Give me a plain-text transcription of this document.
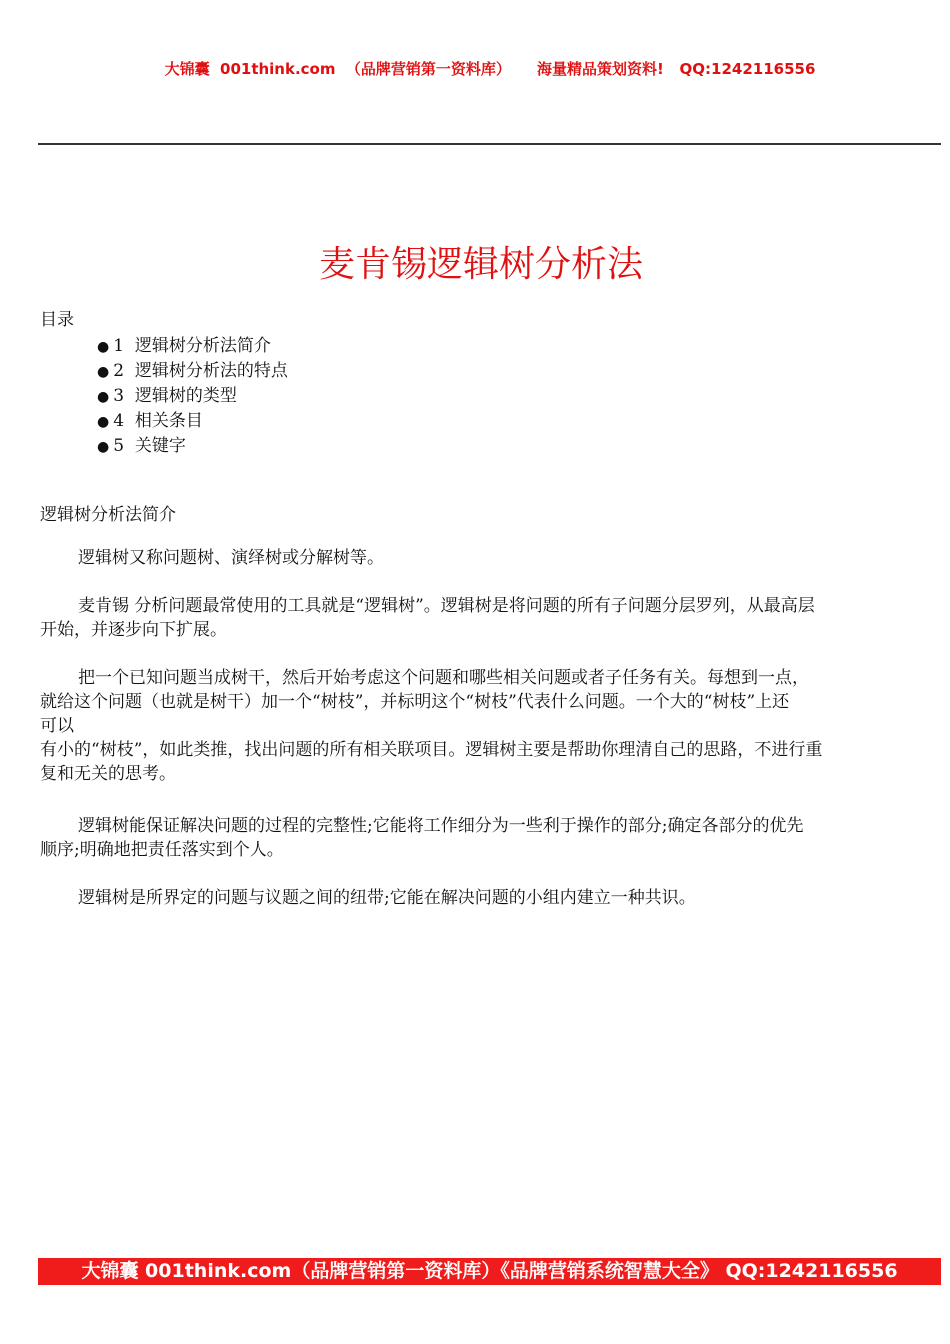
大锦囊  001think.com  （品牌营销第一资料库）     海量精品策划资料!   QQ:1242116556
麦肯锡逻辑树分析法
目录
● 1 逻辑树分析法简介
● 2 逻辑树分析法的特点
● 3 逻辑树的类型
● 4 相关条目
● 5 关键字
逻辑树分析法简介
逻辑树又称问题树、演绎树或分解树等。
麦肯锡 分析问题最常使用的工具就是“逻辑树”。逻辑树是将问题的所有子问题分层罗列，从最高层
开始，并逐步向下扩展。
把一个已知问题当成树干，然后开始考虑这个问题和哪些相关问题或者子任务有关。每想到一点，
就给这个问题（也就是树干）加一个“树枝”，并标明这个“树枝”代表什么问题。一个大的“树枝”上还
可以
有小的“树枝”，如此类推，找出问题的所有相关联项目。逻辑树主要是帮助你理清自己的思路，不进行重
复和无关的思考。
逻辑树能保证解决问题的过程的完整性;它能将工作细分为一些利于操作的部分;确定各部分的优先
顺序;明确地把责任落实到个人。
逻辑树是所界定的问题与议题之间的纽带;它能在解决问题的小组内建立一种共识。
大锦囊 001think.com（品牌营销第一资料库）《品牌营销系统智慧大全》 QQ:1242116556
